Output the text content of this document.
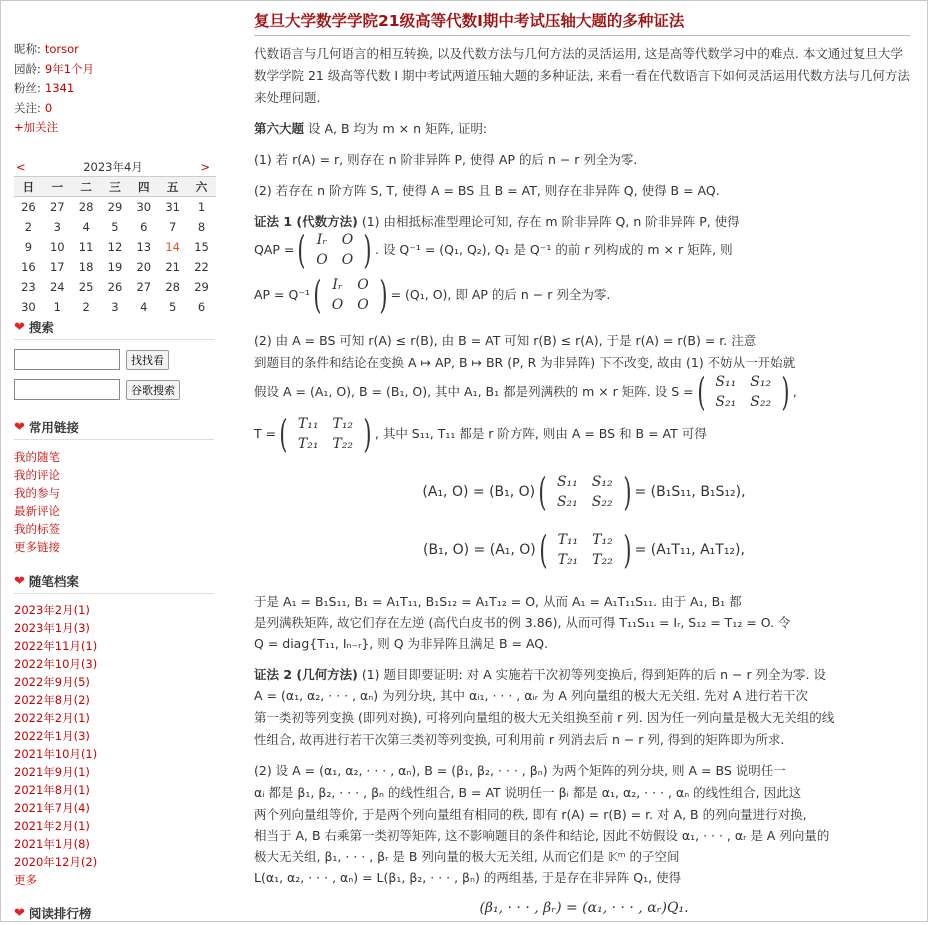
昵称: torsor
园龄: 9年1个月
粉丝: 1341
关注: 0
+加关注
<	2023年4月	>
日	一	二	三	四	五	六
26	27	28	29	30	31	1
2	3	4	5	6	7	8
9	10	11	12	13	14	15
16	17	18	19	20	21	22
23	24	25	26	27	28	29
30	1	2	3	4	5	6
❤ 搜索
找找看
谷歌搜索
❤ 常用链接
我的随笔
我的评论
我的参与
最新评论
我的标签
更多链接
❤ 随笔档案
2023年2月(1)
2023年1月(3)
2022年11月(1)
2022年10月(3)
2022年9月(5)
2022年8月(2)
2022年2月(1)
2022年1月(3)
2021年10月(1)
2021年9月(1)
2021年8月(1)
2021年7月(4)
2021年2月(1)
2021年1月(8)
2020年12月(2)
更多
❤ 阅读排行榜
复旦大学数学学院21级高等代数I期中考试压轴大题的多种证法
代数语言与几何语言的相互转换, 以及代数方法与几何方法的灵活运用, 这是高等代数学习中的难点. 本文通过复旦大学数学学院 21 级高等代数 I 期中考试两道压轴大题的多种证法, 来看一看在代数语言下如何灵活运用代数方法与几何方法来处理问题.
第六大题 设 A, B 均为 m × n 矩阵, 证明:
(1) 若 r(A) = r, 则存在 n 阶非异阵 P, 使得 AP 的后 n − r 列全为零.
(2) 若存在 n 阶方阵 S, T, 使得 A = BS 且 B = AT, 则存在非异阵 Q, 使得 B = AQ.
证法 1 (代数方法) (1) 由相抵标准型理论可知, 存在 m 阶非异阵 Q, n 阶非异阵 P, 使得
QAP = ( Iᵣ	O
O	O ) . 设 Q⁻¹ = (Q₁, Q₂), Q₁ 是 Q⁻¹ 的前 r 列构成的 m × r 矩阵, 则
AP = Q⁻¹ ( Iᵣ	O
O	O ) = (Q₁, O), 即 AP 的后 n − r 列全为零.
(2) 由 A = BS 可知 r(A) ≤ r(B), 由 B = AT 可知 r(B) ≤ r(A), 于是 r(A) = r(B) = r. 注意
到题目的条件和结论在变换 A ↦ AP, B ↦ BR (P, R 为非异阵) 下不改变, 故由 (1) 不妨从一开始就
假设 A = (A₁, O), B = (B₁, O), 其中 A₁, B₁ 都是列满秩的 m × r 矩阵. 设 S = ( S₁₁	S₁₂
S₂₁	S₂₂ ) ,
T = ( T₁₁	T₁₂
T₂₁	T₂₂ ) , 其中 S₁₁, T₁₁ 都是 r 阶方阵, 则由 A = BS 和 B = AT 可得
(A₁, O) = (B₁, O) ( S₁₁	S₁₂
S₂₁	S₂₂ ) = (B₁S₁₁, B₁S₁₂),
(B₁, O) = (A₁, O) ( T₁₁	T₁₂
T₂₁	T₂₂ ) = (A₁T₁₁, A₁T₁₂),
于是 A₁ = B₁S₁₁, B₁ = A₁T₁₁, B₁S₁₂ = A₁T₁₂ = O, 从而 A₁ = A₁T₁₁S₁₁. 由于 A₁, B₁ 都
是列满秩矩阵, 故它们存在左逆 (高代白皮书的例 3.86), 从而可得 T₁₁S₁₁ = Iᵣ, S₁₂ = T₁₂ = O. 令
Q = diag{T₁₁, Iₙ₋ᵣ}, 则 Q 为非异阵且满足 B = AQ.
证法 2 (几何方法) (1) 题目即要证明: 对 A 实施若干次初等列变换后, 得到矩阵的后 n − r 列全为零. 设
A = (α₁, α₂, · · · , αₙ) 为列分块, 其中 αᵢ₁, · · · , αᵢᵣ 为 A 列向量组的极大无关组. 先对 A 进行若干次
第一类初等列变换 (即列对换), 可将列向量组的极大无关组换至前 r 列. 因为任一列向量是极大无关组的线
性组合, 故再进行若干次第三类初等列变换, 可利用前 r 列消去后 n − r 列, 得到的矩阵即为所求.
(2) 设 A = (α₁, α₂, · · · , αₙ), B = (β₁, β₂, · · · , βₙ) 为两个矩阵的列分块, 则 A = BS 说明任一
αᵢ 都是 β₁, β₂, · · · , βₙ 的线性组合, B = AT 说明任一 βᵢ 都是 α₁, α₂, · · · , αₙ 的线性组合, 因此这
两个列向量组等价, 于是两个列向量组有相同的秩, 即有 r(A) = r(B) = r. 对 A, B 的列向量进行对换,
相当于 A, B 右乘第一类初等矩阵, 这不影响题目的条件和结论, 因此不妨假设 α₁, · · · , αᵣ 是 A 列向量的
极大无关组, β₁, · · · , βᵣ 是 B 列向量的极大无关组, 从而它们是 𝕂ᵐ 的子空间
L(α₁, α₂, · · · , αₙ) = L(β₁, β₂, · · · , βₙ) 的两组基, 于是存在非异阵 Q₁, 使得
(β₁, · · · , βᵣ) = (α₁, · · · , αᵣ)Q₁.
